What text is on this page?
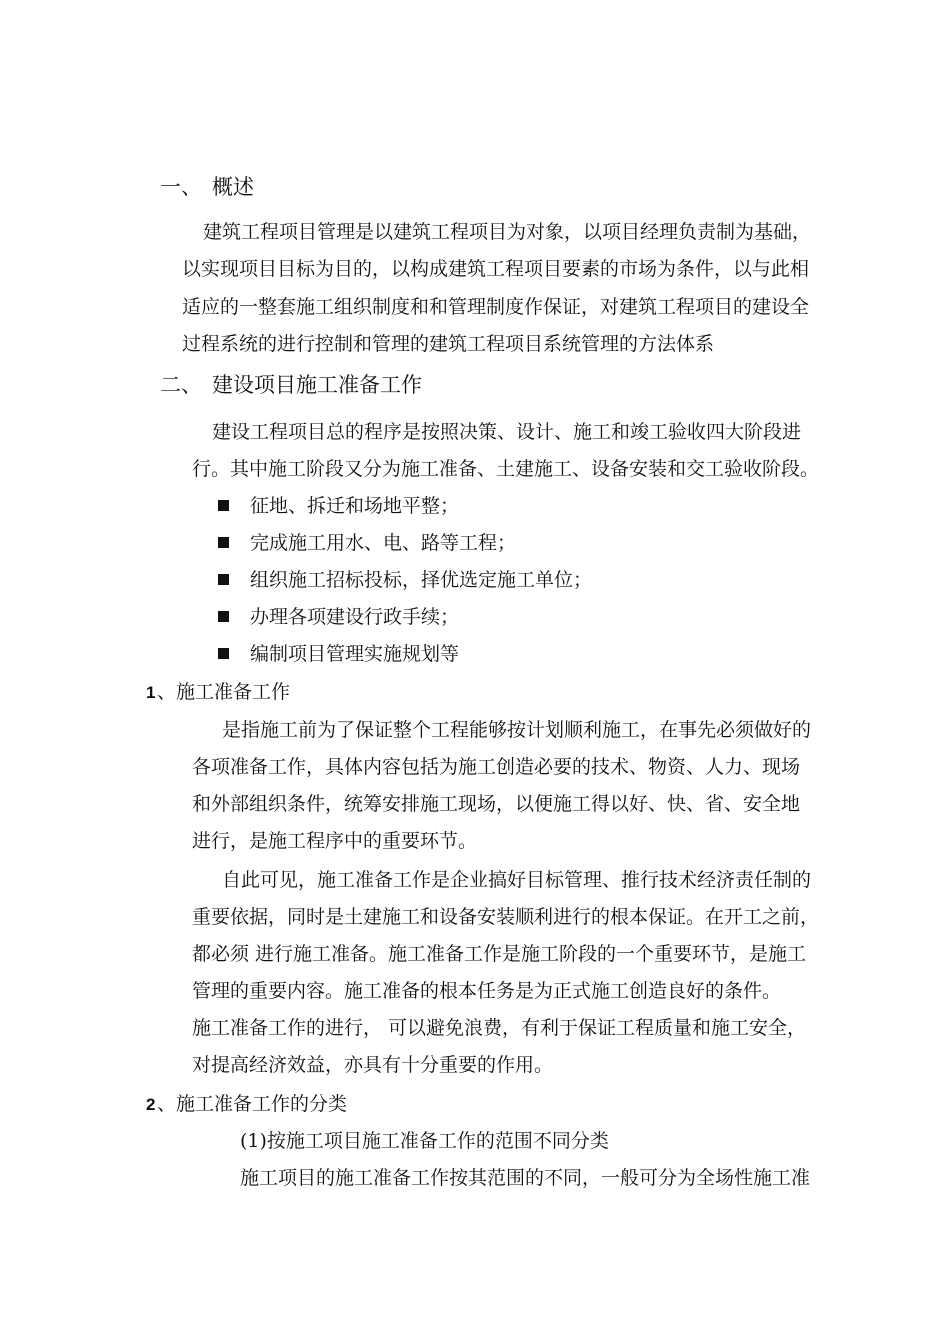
一、 概述
建筑工程项目管理是以建筑工程项目为对象，以项目经理负责制为基础，
以实现项目目标为目的，以构成建筑工程项目要素的市场为条件，以与此相
适应的一整套施工组织制度和和管理制度作保证，对建筑工程项目的建设全
过程系统的进行控制和管理的建筑工程项目系统管理的方法体系
二、 建设项目施工准备工作
建设工程项目总的程序是按照决策、设计、施工和竣工验收四大阶段进
行。其中施工阶段又分为施工准备、土建施工、设备安装和交工验收阶段。
征地、拆迁和场地平整；
完成施工用水、电、路等工程；
组织施工招标投标，择优选定施工单位；
办理各项建设行政手续；
编制项目管理实施规划等
1 、施工准备工作
是指施工前为了保证整个工程能够按计划顺利施工，在事先必须做好的
各项准备工作，具体内容包括为施工创造必要的技术、物资、人力、现场
和外部组织条件，统筹安排施工现场，以便施工得以好、快、省、安全地
进行，是施工程序中的重要环节。
自此可见，施工准备工作是企业搞好目标管理、推行技术经济责任制的
重要依据，同时是土建施工和设备安装顺利进行的根本保证。在开工之前，
都必须 进行施工准备。施工准备工作是施工阶段的一个重要环节，是施工
管理的重要内容。施工准备的根本任务是为正式施工创造良好的条件。
施工准备工作的进行， 可以避免浪费，有利于保证工程质量和施工安全，
对提高经济效益，亦具有十分重要的作用。
2 、施工准备工作的分类
(1)按施工项目施工准备工作的范围不同分类
施工项目的施工准备工作按其范围的不同，一般可分为全场性施工准
